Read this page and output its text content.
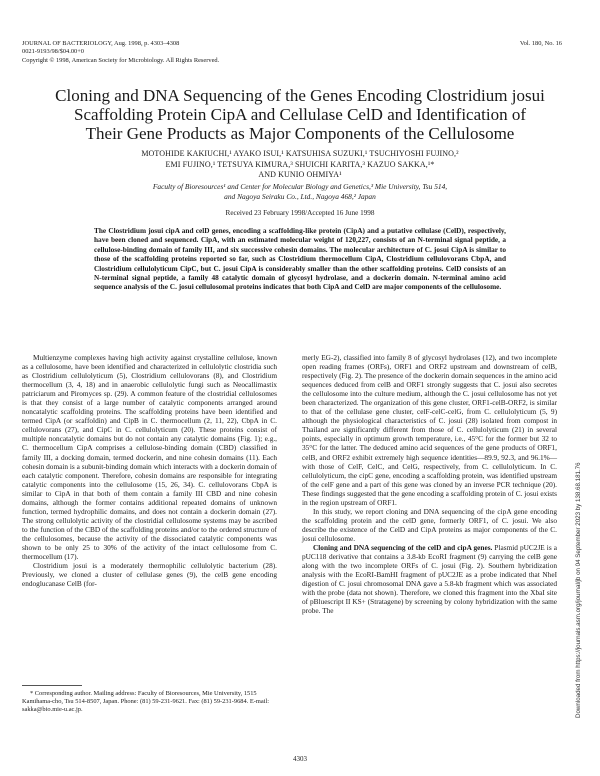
JOURNAL OF BACTERIOLOGY, Aug. 1998, p. 4303–4308
0021-9193/98/$04.00+0
Copyright © 1998, American Society for Microbiology. All Rights Reserved.
Vol. 180, No. 16
Cloning and DNA Sequencing of the Genes Encoding Clostridium josui
Scaffolding Protein CipA and Cellulase CelD and Identification of
Their Gene Products as Major Components of the Cellulosome
MOTOHIDE KAKIUCHI,¹ AYAKO ISUI,¹ KATSUHISA SUZUKI,¹ TSUCHIYOSHI FUJINO,²
EMI FUJINO,¹ TETSUYA KIMURA,³ SHUICHI KARITA,³ KAZUO SAKKA,¹*
AND KUNIO OHMIYA¹
Faculty of Bioresources¹ and Center for Molecular Biology and Genetics,³ Mie University, Tsu 514,
and Nagoya Seiraku Co., Ltd., Nagoya 468,² Japan
Received 23 February 1998/Accepted 16 June 1998
The Clostridium josui cipA and celD genes, encoding a scaffolding-like protein (CipA) and a putative cellulase (CelD), respectively, have been cloned and sequenced. CipA, with an estimated molecular weight of 120,227, consists of an N-terminal signal peptide, a cellulose-binding domain of family III, and six successive cohesin domains. The molecular architecture of C. josui CipA is similar to those of the scaffolding proteins reported so far, such as Clostridium thermocellum CipA, Clostridium cellulovorans CbpA, and Clostridium cellulolyticum CipC, but C. josui CipA is considerably smaller than the other scaffolding proteins. CelD consists of an N-terminal signal peptide, a family 48 catalytic domain of glycosyl hydrolase, and a dockerin domain. N-terminal amino acid sequence analysis of the C. josui cellulosomal proteins indicates that both CipA and CelD are major components of the cellulosome.

Multienzyme complexes having high activity against crystalline cellulose, known as a cellulosome, have been identified and characterized in cellulolytic clostridia such as Clostridium cellulolyticum (5), Clostridium cellulovorans (8), and Clostridium thermocellum (3, 4, 18) and in anaerobic cellulolytic fungi such as Neocallimastix patriciarum and Piromyces sp. (29). A common feature of the clostridial cellulosomes is that they consist of a large number of catalytic components arranged around noncatalytic scaffolding proteins. The scaffolding proteins have been identified and termed CipA (or scaffoldin) and CipB in C. thermocellum (2, 11, 22), CbpA in C. cellulovorans (27), and CipC in C. cellulolyticum (20). These proteins consist of multiple noncatalytic domains but do not contain any catalytic domains (Fig. 1); e.g., C. thermocellum CipA comprises a cellulose-binding domain (CBD) classified in family III, a docking domain, termed dockerin, and nine cohesin domains (11). Each cohesin domain is a subunit-binding domain which interacts with a dockerin domain of each catalytic component. Therefore, cohesin domains are responsible for integrating catalytic components into the cellulosome (15, 26, 34). C. cellulovorans CbpA is similar to CipA in that both of them contain a family III CBD and nine cohesin domains, although the former contains additional repeated domains of unknown function, termed hydrophilic domains, and does not contain a dockerin domain (27). The strong cellulolytic activity of the clostridial cellulosome systems may be ascribed to the function of the CBD of the scaffolding proteins and/or to the ordered structure of the cellulosomes, because the activity of the dissociated catalytic components was shown to be only 25 to 30% of the activity of the intact cellulosome from C. thermocellum (17).

Clostridium josui is a moderately thermophilic cellulolytic bacterium (28). Previously, we cloned a cluster of cellulase genes (9), the celB gene encoding endoglucanase CelB (for-

merly EG-2), classified into family 8 of glycosyl hydrolases (12), and two incomplete open reading frames (ORFs), ORF1 and ORF2 upstream and downstream of celB, respectively (Fig. 2). The presence of the dockerin domain sequences in the amino acid sequences deduced from celB and ORF1 strongly suggests that C. josui also secretes the cellulosome into the culture medium, although the C. josui cellulosome has not yet been characterized. The organization of this gene cluster, ORF1-celB-ORF2, is similar to that of the cellulase gene cluster, celF-celC-celG, from C. cellulolyticum (5, 9) although the physiological characteristics of C. josui (28) isolated from compost in Thailand are significantly different from those of C. cellulolyticum (21) in several points, especially in optimum growth temperature, i.e., 45°C for the former but 32 to 35°C for the latter. The deduced amino acid sequences of the gene products of ORF1, celB, and ORF2 exhibit extremely high sequence identities—89.9, 92.3, and 96.1%—with those of CelF, CelC, and CelG, respectively, from C. cellulolyticum. In C. cellulolyticum, the cipC gene, encoding a scaffolding protein, was identified upstream of the celF gene and a part of this gene was cloned by an inverse PCR technique (20). These findings suggested that the gene encoding a scaffolding protein of C. josui exists in the region upstream of ORF1.

In this study, we report cloning and DNA sequencing of the cipA gene encoding the scaffolding protein and the celD gene, formerly ORF1, of C. josui. We also describe the existence of the CelD and CipA proteins as major components of the C. josui cellulosome.

Cloning and DNA sequencing of the celD and cipA genes. Plasmid pUC2JE is a pUC118 derivative that contains a 3.8-kb EcoRI fragment (9) carrying the celB gene along with the two incomplete ORFs of C. josui (Fig. 2). Southern hybridization analysis with the EcoRI-BamHI fragment of pUC2JE as a probe indicated that NheI digestion of C. josui chromosomal DNA gave a 5.8-kb fragment which was associated with the probe (data not shown). Therefore, we cloned this fragment into the XbaI site of pBluescript II KS+ (Stratagene) by screening by colony hybridization with the same probe. The

* Corresponding author. Mailing address: Faculty of Bioresources, Mie University, 1515 Kamihama-cho, Tsu 514-8507, Japan. Phone: (81) 59-231-9621. Fax: (81) 59-231-9684. E-mail: sakka@bio.mie-u.ac.jp.
4303
Downloaded from https://journals.asm.org/journal/jb on 04 September 2023 by 138.68.181.76
